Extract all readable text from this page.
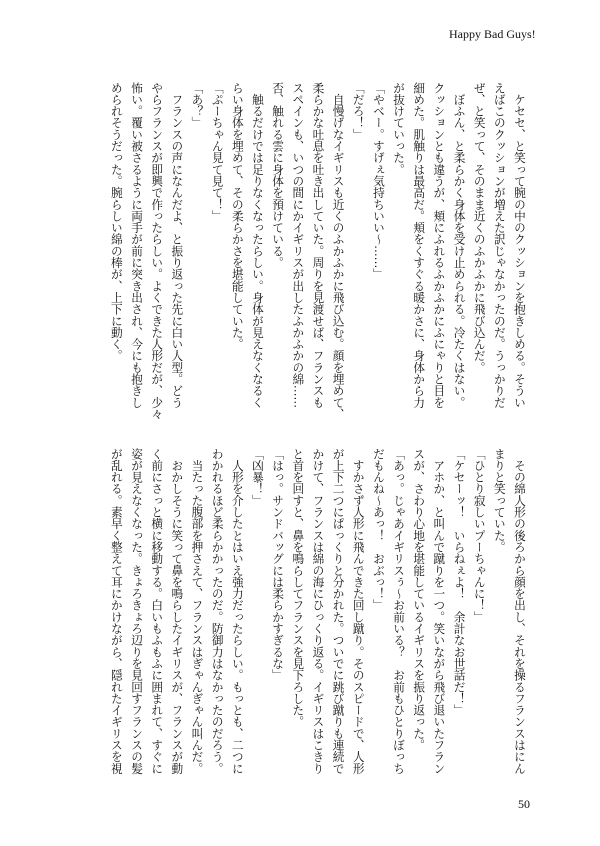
Happy Bad Guys!
　ケセセ、と笑って腕の中のクッションを抱きしめる。そうい
えばこのクッションが増えた訳じゃなかったのだ。うっかりだ
ぜ、と笑って、そのまま近くのふかふかに飛び込んだ。
　ぼふん、と柔らかく身体を受け止められる。冷たくはない。
クッションとも違うが、頬にふれるふかふかにふにゃりと目を
細めた。肌触りは最高だ。頬をくすぐる暖かさに、身体から力
が抜けていった。
「やべー。すげぇ気持ちいい～……」
「だろ！」
　自慢げなイギリスも近くのふかふかに飛び込む。顔を埋めて、
柔らかな吐息を吐き出していた。周りを見渡せば、フランスも
スペインも、いつの間にかイギリスが出したふかふかの綿……
否、触れる雲に身体を預けている。
　触るだけでは足りなくなったらしい。身体が見えなくなるく
らい身体を埋めて、その柔らかさを堪能していた。
「ぷーちゃん見て見て！」
「あ？」
　フランスの声になんだよ、と振り返った先に白い人型。どう
やらフランスが即興で作ったらしい。よくできた人形だが、少々
怖い。覆い被さるように両手が前に突き出され、今にも抱きし
められそうだった。腕らしい綿の棒が、上下に動く。
　その綿人形の後ろから顔を出し、それを操るフランスはにん
まりと笑っていた。
「ひとり寂しいプーちゃんに！」
「ケセーッ！　いらねぇよ！　余計なお世話だ！」
　アホか、と叫んで蹴りを一つ。笑いながら飛び退いたフラン
スが、さわり心地を堪能しているイギリスを振り返った。
「あっ。じゃあイギリスぅ～お前いる？　お前もひとりぼっち
だもんね～あっ！　おぶっ！」
　すかさず人形に飛んできた回し蹴り。そのスピードで、人形
が上下二つにぱっくりと分かれた。ついでに跳び蹴りも連続で
かけて、フランスは綿の海にひっくり返る。イギリスはこきり
と首を回すと、鼻を鳴らしてフランスを見下ろした。
「はっ。サンドバッグには柔らかすぎるな」
「凶暴！」
　人形を介したとはいえ強力だったらしい。もっとも、二つに
わかれるほど柔らかかったのだ。防御力はなかったのだろう。
　当たった腹部を押さえて、フランスはぎゃんぎゃん叫んだ。
　おかしそうに笑って鼻を鳴らしたイギリスが、フランスが動
く前にさっと横に移動する。白いもふもふに囲まれて、すぐに
姿が見えなくなった。きょろきょろ辺りを見回すフランスの髪
が乱れる。素早く整えて耳にかけながら、隠れたイギリスを視
50
